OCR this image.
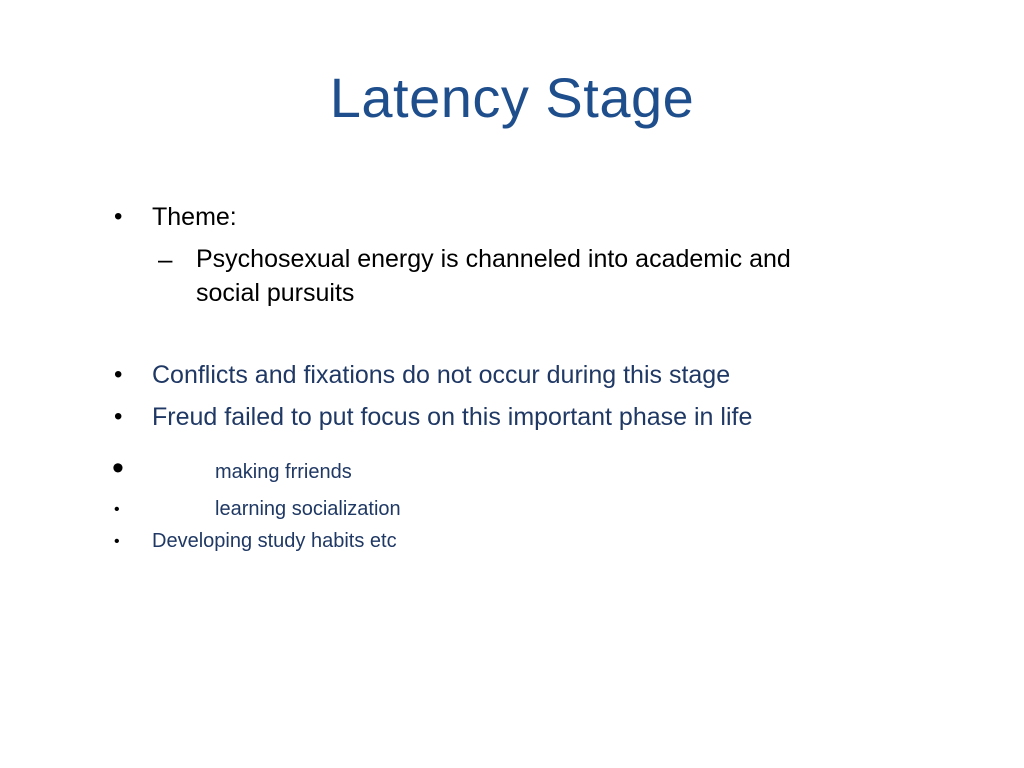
Latency Stage
• Theme:
– Psychosexual energy is channeled into academic and
social pursuits
• Conflicts and fixations do not occur during this stage
• Freud failed to put focus on this important phase in life
•	making frriends
•	learning socialization
• Developing study habits etc
